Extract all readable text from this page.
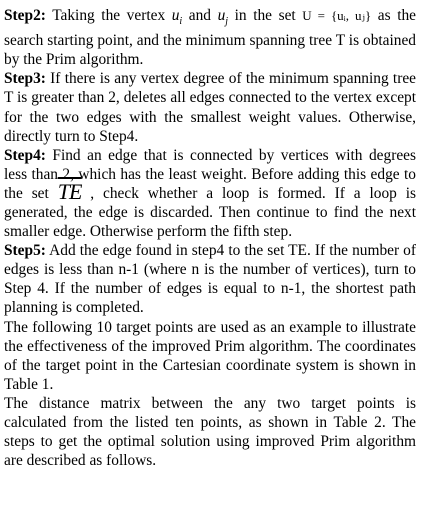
Step2: Taking the vertex $u_i$ and $u_j$ in the set U = {uᵢ, uⱼ} as the search starting point, and the minimum spanning tree T is obtained by the Prim algorithm.

Step3: If there is any vertex degree of the minimum spanning tree T is greater than 2, deletes all edges connected to the vertex except for the two edges with the smallest weight values. Otherwise, directly turn to Step4.

Step4: Find an edge that is connected by vertices with degrees less than 2, which has the least weight. Before adding this edge to the set $\overline{TE}$ , check whether a loop is formed. If a loop is generated, the edge is discarded. Then continue to find the next smaller edge. Otherwise perform the fifth step.

Step5: Add the edge found in step4 to the set TE. If the number of edges is less than n-1 (where n is the number of vertices), turn to Step 4. If the number of edges is equal to n-1, the shortest path planning is completed.

The following 10 target points are used as an example to illustrate the effectiveness of the improved Prim algorithm. The coordinates of the target point in the Cartesian coordinate system is shown in Table 1.

The distance matrix between the any two target points is calculated from the listed ten points, as shown in Table 2. The steps to get the optimal solution using improved Prim algorithm are described as follows.
